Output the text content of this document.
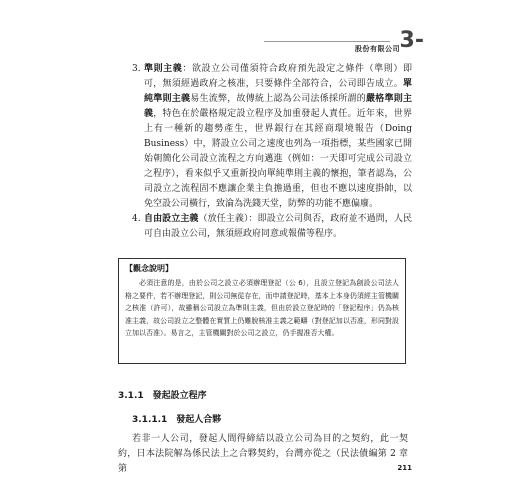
股份有限公司 3-
3. 準則主義：欲設立公司僅須符合政府預先設定之條件（準則）即可，無須經過政府之核准，只要條件全部符合，公司即告成立。單純準則主義易生流弊，故傳統上認為公司法係採所謂的嚴格準則主義，特色在於嚴格規定設立程序及加重發起人責任。近年來，世界上有一種新的趨勢產生，世界銀行在其經商環境報告（Doing Business）中，將設立公司之速度也列為一項指標，某些國家已開始朝簡化公司設立流程之方向邁進（例如：一天即可完成公司設立之程序），看來似乎又重新投向單純準則主義的懷抱，筆者認為，公司設立之流程固不應讓企業主負擔過重，但也不應以速度掛帥，以免空設公司橫行，致淪為洗錢天堂，防弊的功能不應偏廢。
4. 自由設立主義（放任主義）：即設立公司與否，政府並不過問，人民可自由設立公司，無須經政府同意或報備等程序。
【觀念說明】
必須注意的是，由於公司之設立必須辦理登記（公 6），且設立登記為創設公司法人格之要件，若不辦理登記，則公司無從存在，而申請登記時，基本上本身仍須經主管機關之核准（許可），故雖稱公司設立為準則主義，但由於設立登記時的「登記程序」仍為核准主義，故公司設立之整體在實質上仍難脫核准主義之範疇（對登記加以否准，形同對設立加以否准）。易言之，主管機關對於公司之設立，仍手握准否大權。
3.1.1　發起設立程序
3.1.1.1　發起人合夥
若非一人公司，發起人間得締結以設立公司為目的之契約，此一契約，日本法院解為係民法上之合夥契約，台灣亦從之（民法債編第 2 章第	211
